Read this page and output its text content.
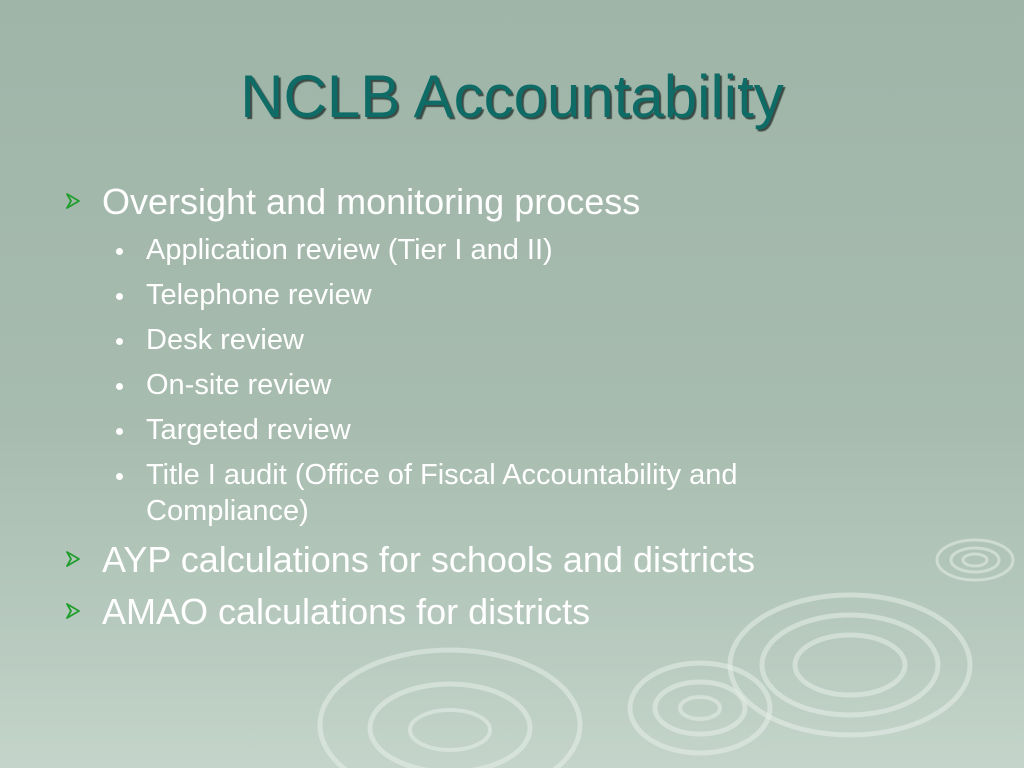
NCLB Accountability
Oversight and monitoring process
Application review (Tier I and II)
Telephone review
Desk review
On-site review
Targeted review
Title I audit (Office of Fiscal Accountability and Compliance)
AYP calculations for schools and districts
AMAO calculations for districts
